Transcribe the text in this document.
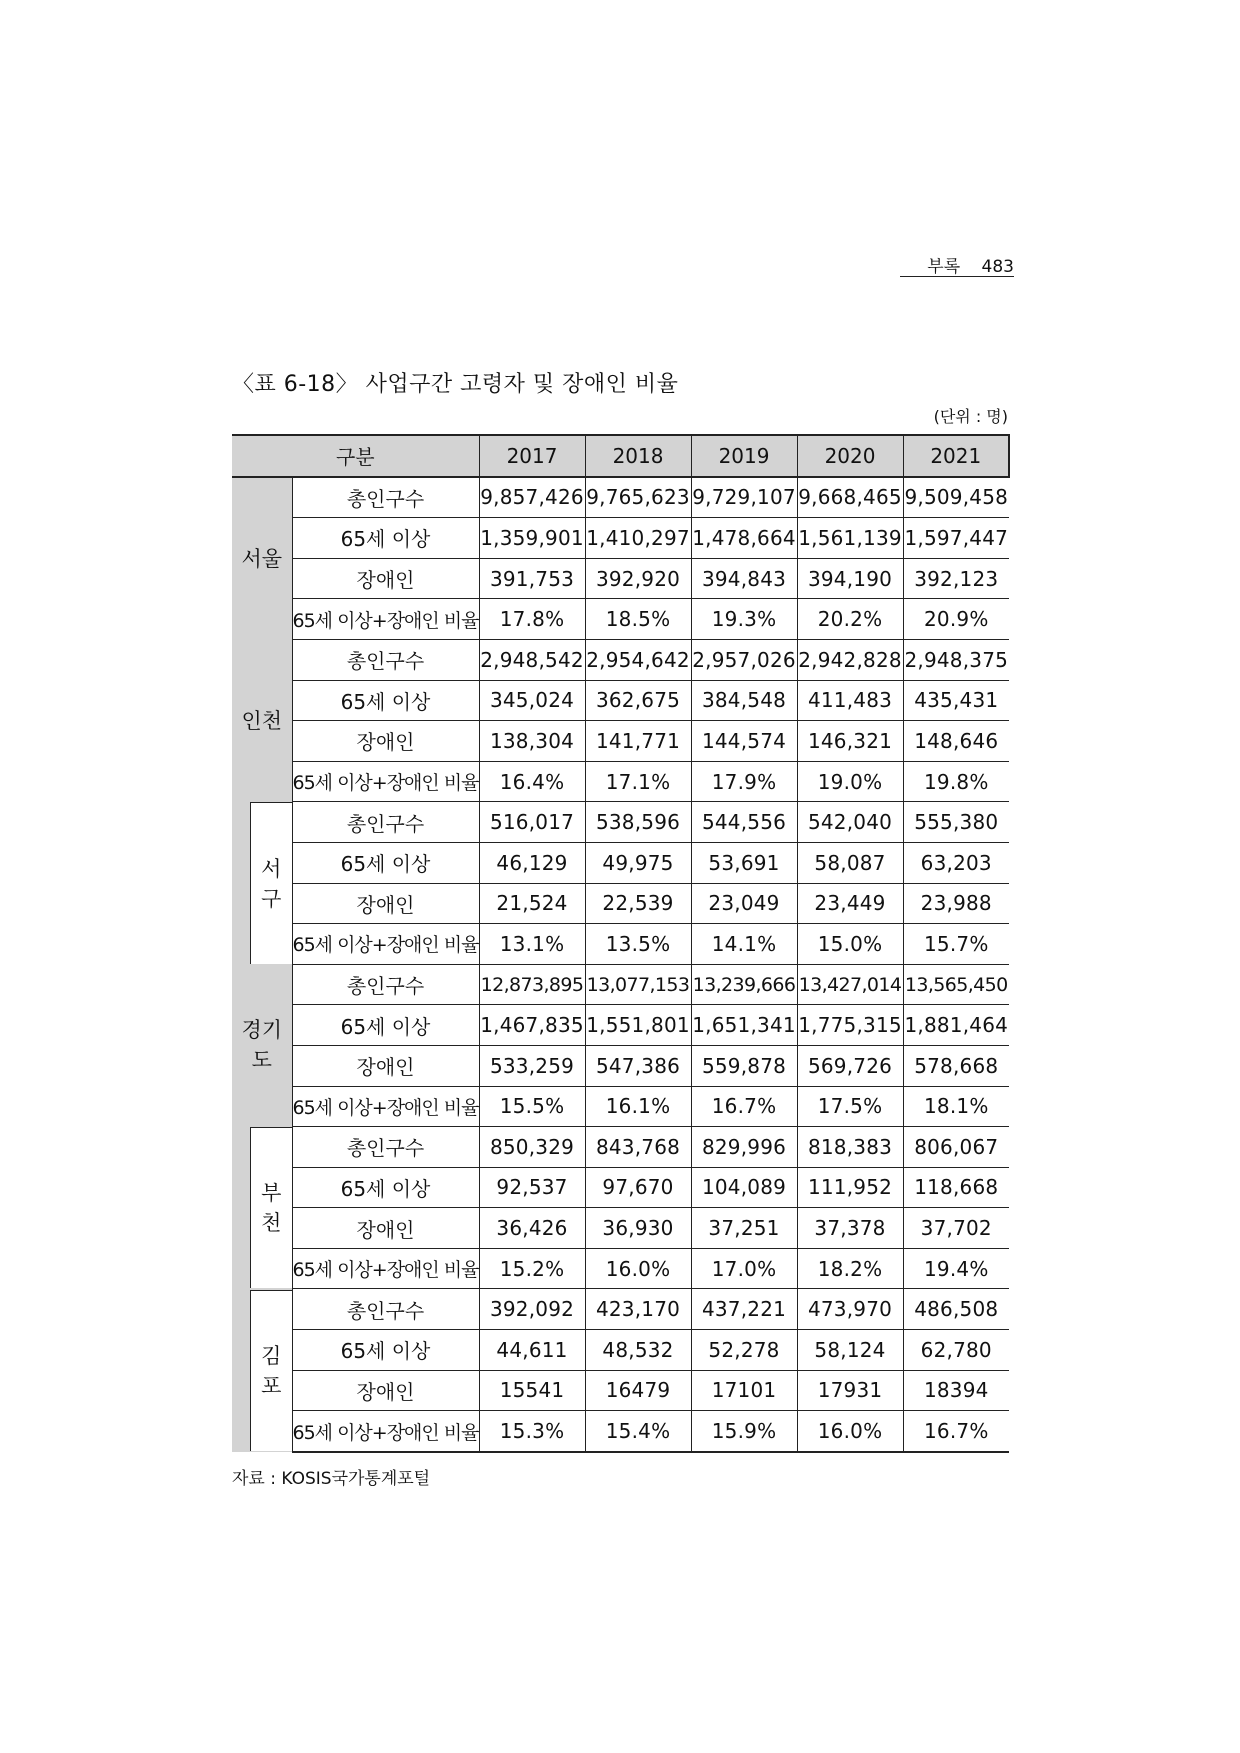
부록 483
〈표 6-18〉 사업구간 고령자 및 장애인 비율
(단위 : 명)
구분		2017	2018	2019	2020	2021

서울	총인구수	9,857,426	9,765,623	9,729,107	9,668,465	9,509,458
	65세 이상	1,359,901	1,410,297	1,478,664	1,561,139	1,597,447
	장애인	391,753	392,920	394,843	394,190	392,123
	65세 이상+장애인 비율	17.8%	18.5%	19.3%	20.2%	20.9%

인천	총인구수	2,948,542	2,954,642	2,957,026	2,942,828	2,948,375
	65세 이상	345,024	362,675	384,548	411,483	435,431
	장애인	138,304	141,771	144,574	146,321	148,646
	65세 이상+장애인 비율	16.4%	17.1%	17.9%	19.0%	19.8%

서
구	총인구수	516,017	538,596	544,556	542,040	555,380
	65세 이상	46,129	49,975	53,691	58,087	63,203
	장애인	21,524	22,539	23,049	23,449	23,988
	65세 이상+장애인 비율	13.1%	13.5%	14.1%	15.0%	15.7%

경기
도	총인구수	12,873,895	13,077,153	13,239,666	13,427,014	13,565,450
	65세 이상	1,467,835	1,551,801	1,651,341	1,775,315	1,881,464
	장애인	533,259	547,386	559,878	569,726	578,668
	65세 이상+장애인 비율	15.5%	16.1%	16.7%	17.5%	18.1%

부
천	총인구수	850,329	843,768	829,996	818,383	806,067
	65세 이상	92,537	97,670	104,089	111,952	118,668
	장애인	36,426	36,930	37,251	37,378	37,702
	65세 이상+장애인 비율	15.2%	16.0%	17.0%	18.2%	19.4%

김
포	총인구수	392,092	423,170	437,221	473,970	486,508
	65세 이상	44,611	48,532	52,278	58,124	62,780
	장애인	15541	16479	17101	17931	18394
	65세 이상+장애인 비율	15.3%	15.4%	15.9%	16.0%	16.7%
자료 : KOSIS국가통계포털
